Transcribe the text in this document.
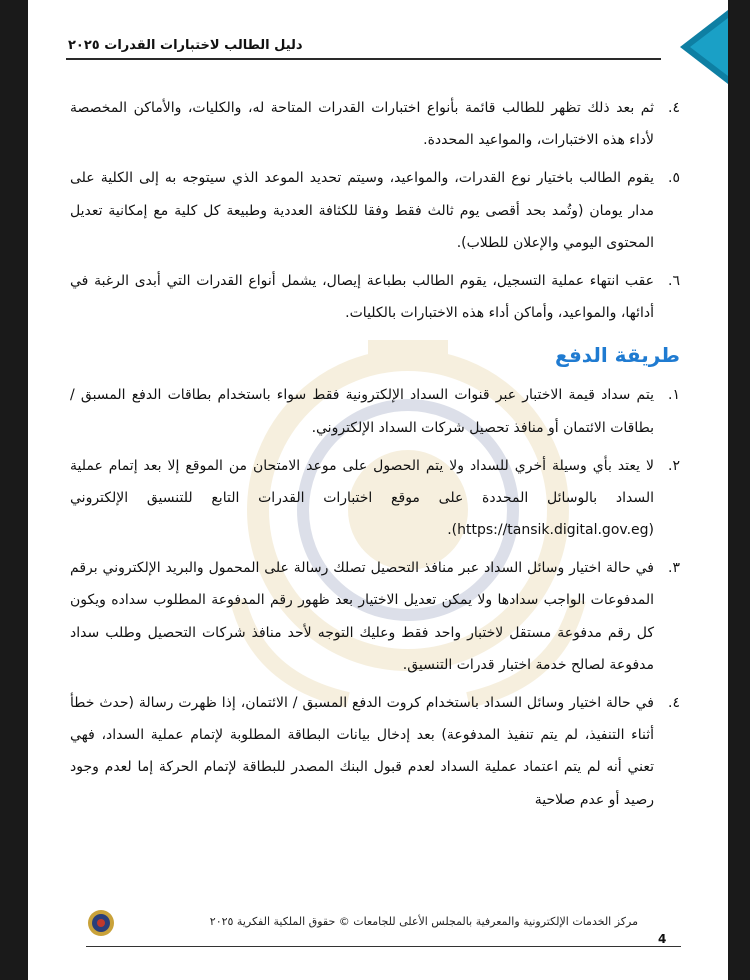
دليل الطالب لاختبارات القدرات ٢٠٢٥
٤.
ثم بعد ذلك تظهر للطالب قائمة بأنواع اختبارات القدرات المتاحة له، والكليات، والأماكن المخصصة لأداء هذه الاختبارات، والمواعيد المحددة.
٥.
يقوم الطالب باختيار نوع القدرات، والمواعيد، وسيتم تحديد الموعد الذي سيتوجه به إلى الكلية على مدار يومان (وتُمد بحد أقصى يوم ثالث فقط وفقا للكثافة العددية وطبيعة كل كلية مع إمكانية تعديل المحتوى اليومي والإعلان للطلاب).
٦.
عقب انتهاء عملية التسجيل، يقوم الطالب بطباعة إيصال، يشمل أنواع القدرات التي أبدى الرغبة في أدائها، والمواعيد، وأماكن أداء هذه الاختبارات بالكليات.
طريقة الدفع
١.
يتم سداد قيمة الاختبار عبر قنوات السداد الإلكترونية فقط سواء باستخدام بطاقات الدفع المسبق / بطاقات الائتمان أو منافذ تحصيل شركات السداد الإلكتروني.
٢.
لا يعتد بأي وسيلة أخري للسداد ولا يتم الحصول على موعد الامتحان من الموقع إلا بعد إتمام عملية السداد بالوسائل المحددة على موقع اختبارات القدرات التابع للتنسيق الإلكتروني (https://tansik.digital.gov.eg).
٣.
في حالة اختيار وسائل السداد عبر منافذ التحصيل تصلك رسالة على المحمول والبريد الإلكتروني برقم المدفوعات الواجب سدادها ولا يمكن تعديل الاختيار بعد ظهور رقم المدفوعة المطلوب سداده ويكون كل رقم مدفوعة مستقل لاختبار واحد فقط وعليك التوجه لأحد منافذ شركات التحصيل وطلب سداد مدفوعة لصالح خدمة اختبار قدرات التنسيق.
٤.
في حالة اختيار وسائل السداد باستخدام كروت الدفع المسبق / الائتمان، إذا ظهرت رسالة (حدث خطأ أثناء التنفيذ، لم يتم تنفيذ المدفوعة) بعد إدخال بيانات البطاقة المطلوبة لإتمام عملية السداد، فهي تعني أنه لم يتم اعتماد عملية السداد لعدم قبول البنك المصدر للبطاقة لإتمام الحركة إما لعدم وجود رصيد أو عدم صلاحية
مركز الخدمات الإلكترونية والمعرفية بالمجلس الأعلى للجامعات © حقوق الملكية الفكرية ٢٠٢٥
4
